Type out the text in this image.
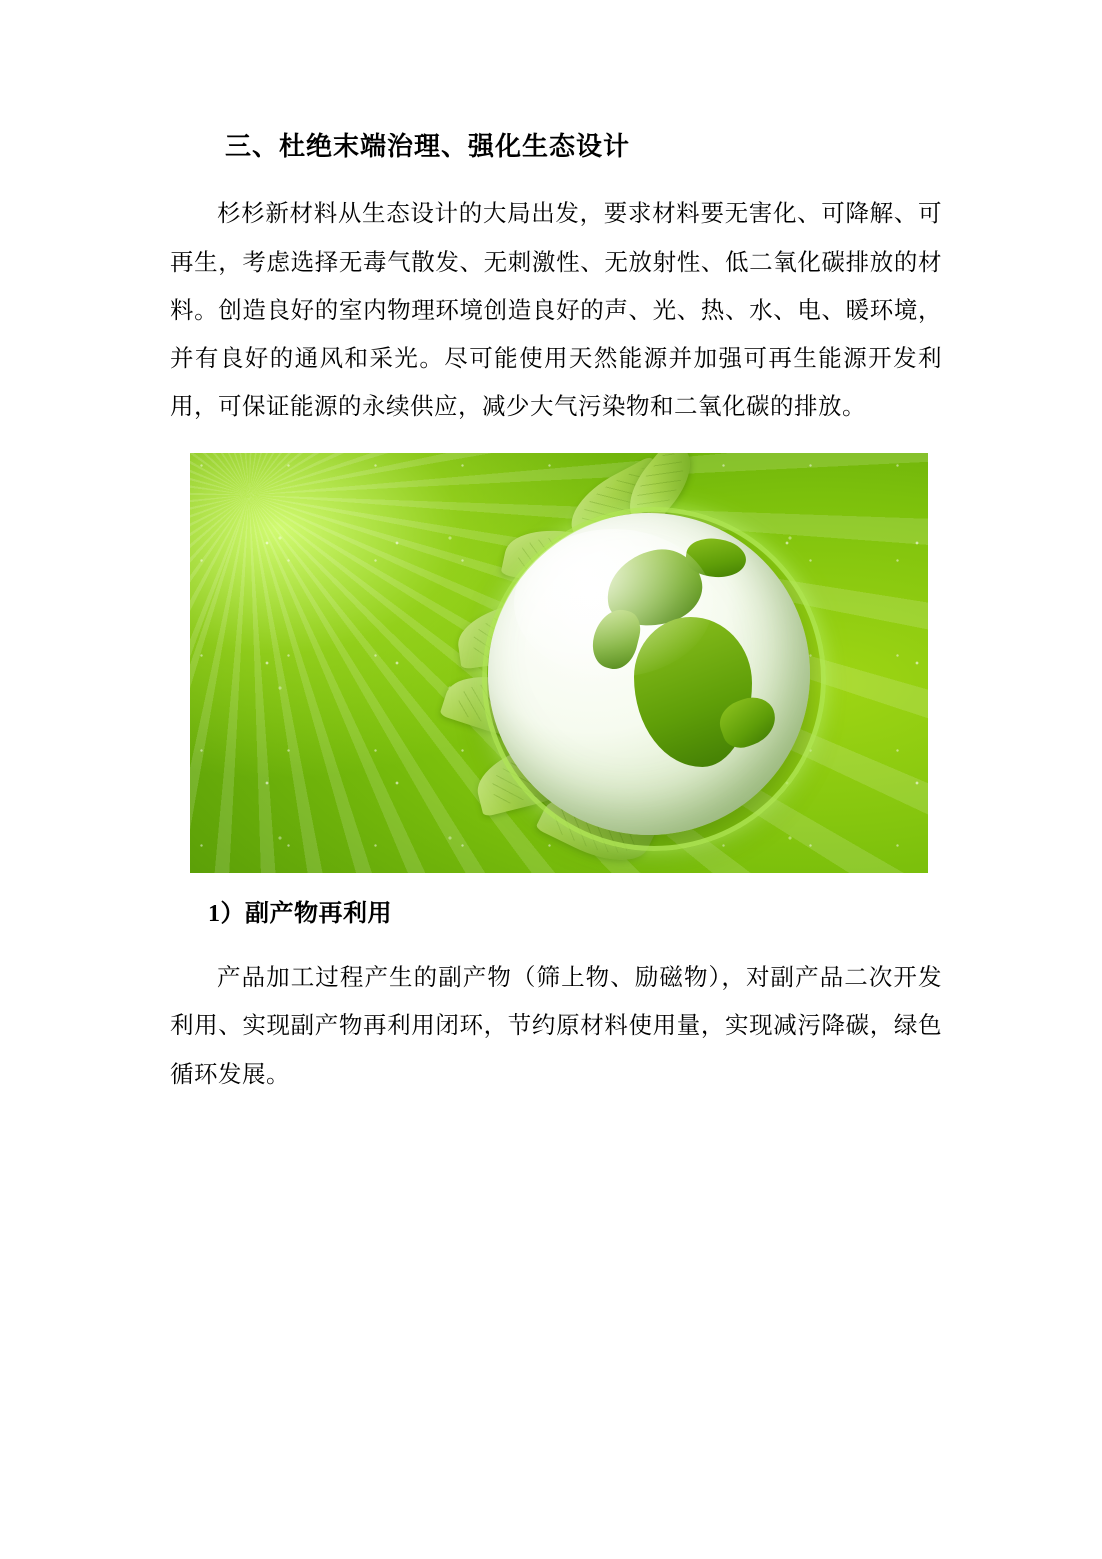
三、杜绝末端治理、强化生态设计

杉杉新材料从生态设计的大局出发，要求材料要无害化、可降解、可再生，考虑选择无毒气散发、无刺激性、无放射性、低二氧化碳排放的材料。创造良好的室内物理环境创造良好的声、光、热、水、电、暖环境，并有良好的通风和采光。尽可能使用天然能源并加强可再生能源开发利用，可保证能源的永续供应，减少大气污染物和二氧化碳的排放。

1）副产物再利用

产品加工过程产生的副产物（筛上物、励磁物），对副产品二次开发利用、实现副产物再利用闭环，节约原材料使用量，实现减污降碳，绿色循环发展。
